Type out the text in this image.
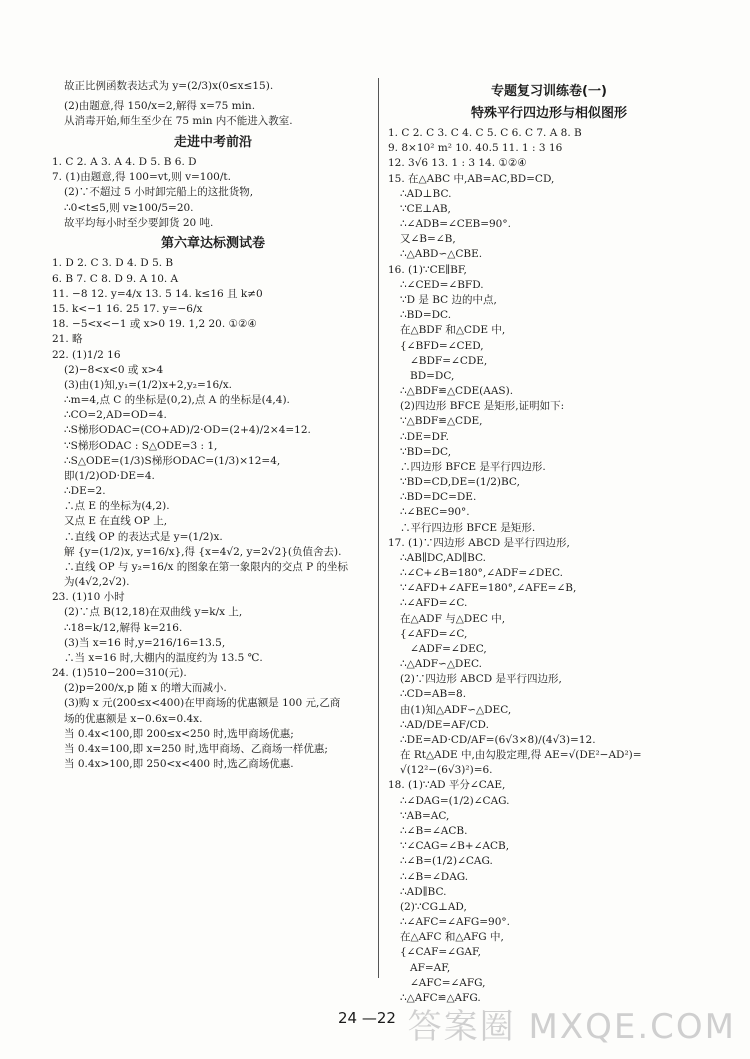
故正比例函数表达式为 y=(2/3)x(0≤x≤15).
(2)由题意,得 150/x=2,解得 x=75 min.
从消毒开始,师生至少在 75 min 内不能进入教室.
走进中考前沿
1. C 2. A 3. A 4. D 5. B 6. D
7. (1)由题意,得 100=vt,则 v=100/t.
(2)∵不超过 5 小时卸完船上的这批货物,
∴0<t≤5,则 v≥100/5=20.
故平均每小时至少要卸货 20 吨.
第六章达标测试卷
1. D 2. C 3. D 4. D 5. B
6. B 7. C 8. D 9. A 10. A
11. −8 12. y=4/x 13. 5 14. k≤16 且 k≠0
15. k<−1 16. 25 17. y=−6/x
18. −5<x<−1 或 x>0 19. 1,2 20. ①②④
21. 略
22. (1)1/2 16
(2)−8<x<0 或 x>4
(3)由(1)知,y₁=(1/2)x+2,y₂=16/x.
∴m=4,点 C 的坐标是(0,2),点 A 的坐标是(4,4).
∴CO=2,AD=OD=4.
∴S梯形ODAC=(CO+AD)/2·OD=(2+4)/2×4=12.
∵S梯形ODAC : S△ODE=3 : 1,
∴S△ODE=(1/3)S梯形ODAC=(1/3)×12=4,
即(1/2)OD·DE=4.
∴DE=2.
∴点 E 的坐标为(4,2).
又点 E 在直线 OP 上,
∴直线 OP 的表达式是 y=(1/2)x.
解 {y=(1/2)x, y=16/x},得 {x=4√2, y=2√2}(负值舍去).
∴直线 OP 与 y₂=16/x 的图象在第一象限内的交点 P 的坐标
为(4√2,2√2).
23. (1)10 小时
(2)∵点 B(12,18)在双曲线 y=k/x 上,
∴18=k/12,解得 k=216.
(3)当 x=16 时,y=216/16=13.5,
∴当 x=16 时,大棚内的温度约为 13.5 ℃.
24. (1)510−200=310(元).
(2)p=200/x,p 随 x 的增大而减小.
(3)购 x 元(200≤x<400)在甲商场的优惠额是 100 元,乙商
场的优惠额是 x−0.6x=0.4x.
当 0.4x<100,即 200≤x<250 时,选甲商场优惠;
当 0.4x=100,即 x=250 时,选甲商场、乙商场一样优惠;
当 0.4x>100,即 250<x<400 时,选乙商场优惠.
专题复习训练卷(一)
特殊平行四边形与相似图形
1. C 2. C 3. C 4. C 5. C 6. C 7. A 8. B
9. 8×10² m² 10. 40.5 11. 1 : 3 16
12. 3√6 13. 1 : 3 14. ①②④
15. 在△ABC 中,AB=AC,BD=CD,
∴AD⊥BC.
∵CE⊥AB,
∴∠ADB=∠CEB=90°.
又∠B=∠B,
∴△ABD∽△CBE.
16. (1)∵CE∥BF,
∴∠CED=∠BFD.
∵D 是 BC 边的中点,
∴BD=DC.
在△BDF 和△CDE 中,
{∠BFD=∠CED,
∠BDF=∠CDE,
BD=DC,
∴△BDF≌△CDE(AAS).
(2)四边形 BFCE 是矩形,证明如下:
∵△BDF≌△CDE,
∴DE=DF.
∵BD=DC,
∴四边形 BFCE 是平行四边形.
∵BD=CD,DE=(1/2)BC,
∴BD=DC=DE.
∴∠BEC=90°.
∴平行四边形 BFCE 是矩形.
17. (1)∵四边形 ABCD 是平行四边形,
∴AB∥DC,AD∥BC.
∴∠C+∠B=180°,∠ADF=∠DEC.
∵∠AFD+∠AFE=180°,∠AFE=∠B,
∴∠AFD=∠C.
在△ADF 与△DEC 中,
{∠AFD=∠C,
∠ADF=∠DEC,
∴△ADF∽△DEC.
(2)∵四边形 ABCD 是平行四边形,
∴CD=AB=8.
由(1)知△ADF∽△DEC,
∴AD/DE=AF/CD.
∴DE=AD·CD/AF=(6√3×8)/(4√3)=12.
在 Rt△ADE 中,由勾股定理,得 AE=√(DE²−AD²)=
√(12²−(6√3)²)=6.
18. (1)∵AD 平分∠CAE,
∴∠DAG=(1/2)∠CAG.
∵AB=AC,
∴∠B=∠ACB.
∵∠CAG=∠B+∠ACB,
∴∠B=(1/2)∠CAG.
∴∠B=∠DAG.
∴AD∥BC.
(2)∵CG⊥AD,
∴∠AFC=∠AFG=90°.
在△AFC 和△AFG 中,
{∠CAF=∠GAF,
AF=AF,
∠AFC=∠AFG,
∴△AFC≌△AFG.
24 —22 答案圈 MXQE.COM
